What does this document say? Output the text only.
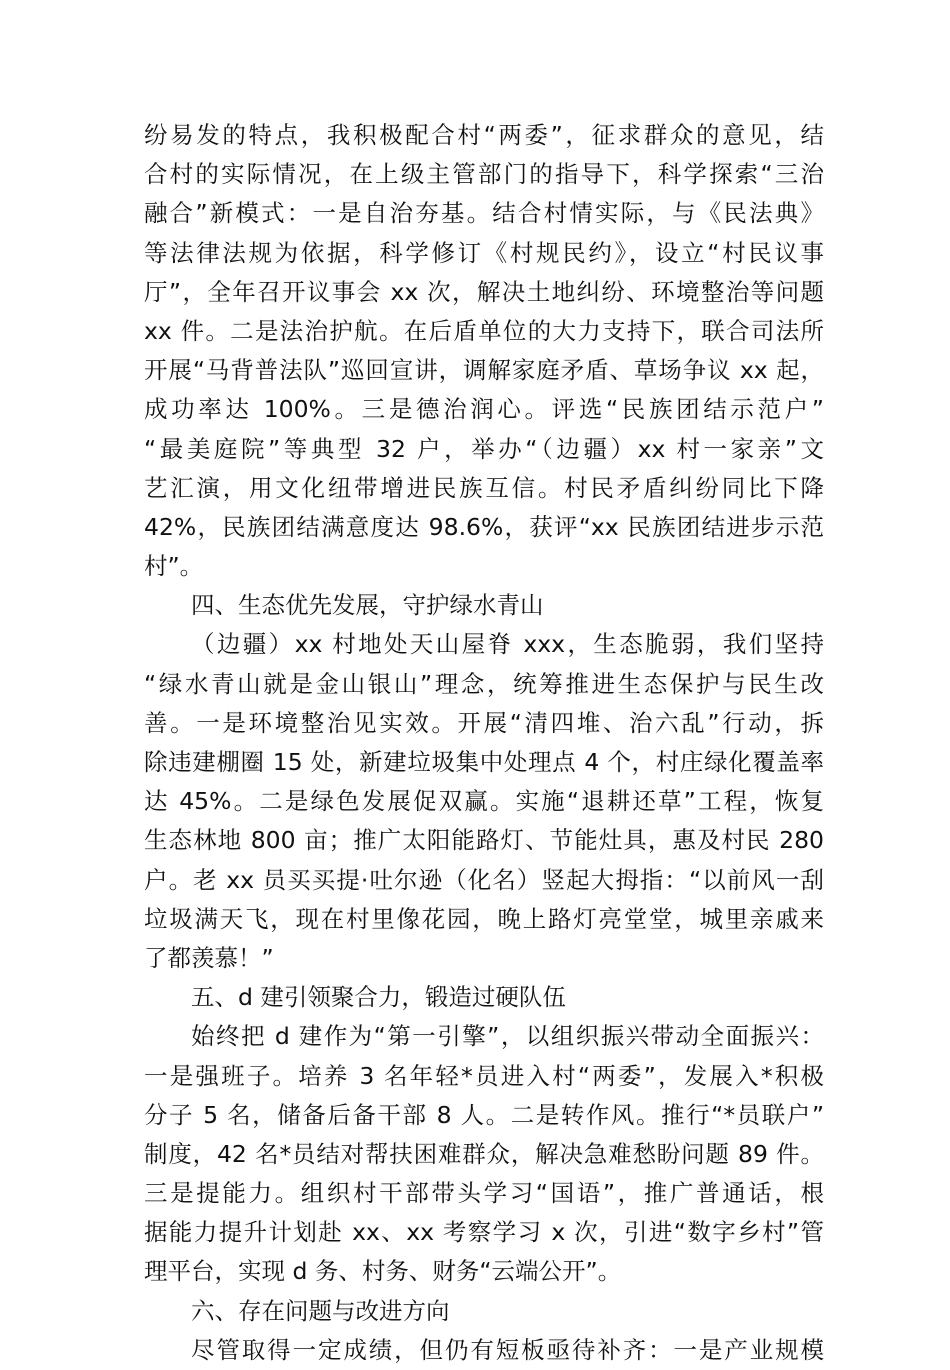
纷易发的特点，我积极配合村“两委”，征求群众的意见，结
合村的实际情况，在上级主管部门的指导下，科学探索“三治
融合”新模式：一是自治夯基。结合村情实际，与《民法典》
等法律法规为依据，科学修订《村规民约》，设立“村民议事
厅”，全年召开议事会 xx 次，解决土地纠纷、环境整治等问题
xx 件。二是法治护航。在后盾单位的大力支持下，联合司法所
开展“马背普法队”巡回宣讲，调解家庭矛盾、草场争议 xx 起，
成功率达 100%。三是德治润心。评选“民族团结示范户”
“最美庭院”等典型 32 户，举办“（边疆）xx 村一家亲”文
艺汇演，用文化纽带增进民族互信。村民矛盾纠纷同比下降
42%，民族团结满意度达 98.6%，获评“xx 民族团结进步示范
村”。
四、生态优先发展，守护绿水青山
（边疆）xx 村地处天山屋脊 xxx，生态脆弱，我们坚持
“绿水青山就是金山银山”理念，统筹推进生态保护与民生改
善。一是环境整治见实效。开展“清四堆、治六乱”行动，拆
除违建棚圈 15 处，新建垃圾集中处理点 4 个，村庄绿化覆盖率
达 45%。二是绿色发展促双赢。实施“退耕还草”工程，恢复
生态林地 800 亩；推广太阳能路灯、节能灶具，惠及村民 280
户。老 xx 员买买提·吐尔逊（化名）竖起大拇指：“以前风一刮
垃圾满天飞，现在村里像花园，晚上路灯亮堂堂，城里亲戚来
了都羡慕！”
五、d 建引领聚合力，锻造过硬队伍
始终把 d 建作为“第一引擎”，以组织振兴带动全面振兴：
一是强班子。培养 3 名年轻*员进入村“两委”，发展入*积极
分子 5 名，储备后备干部 8 人。二是转作风。推行“*员联户”
制度，42 名*员结对帮扶困难群众，解决急难愁盼问题 89 件。
三是提能力。组织村干部带头学习“国语”，推广普通话，根
据能力提升计划赴 xx、xx 考察学习 x 次，引进“数字乡村”管
理平台，实现 d 务、村务、财务“云端公开”。
六、存在问题与改进方向
尽管取得一定成绩，但仍有短板亟待补齐：一是产业规模
